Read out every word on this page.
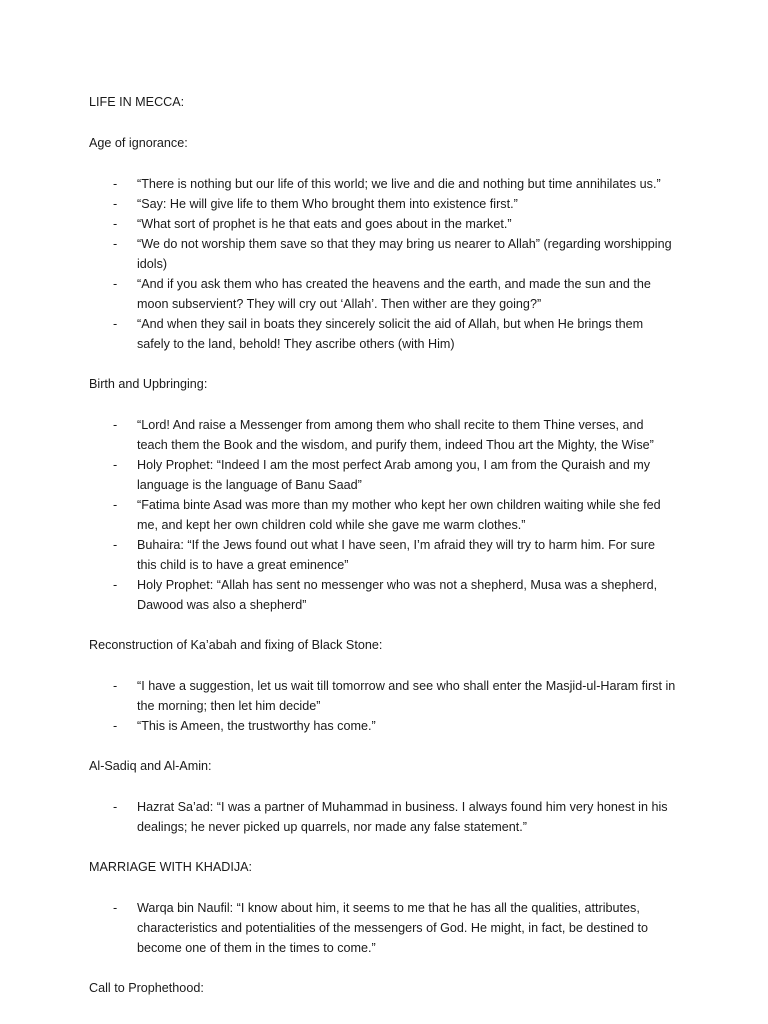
LIFE IN MECCA:
Age of ignorance:
- “There is nothing but our life of this world; we live and die and nothing but time annihilates us.”
- “Say: He will give life to them Who brought them into existence first.”
- “What sort of prophet is he that eats and goes about in the market.”
- “We do not worship them save so that they may bring us nearer to Allah” (regarding worshipping idols)
- “And if you ask them who has created the heavens and the earth, and made the sun and the moon subservient? They will cry out ‘Allah’. Then wither are they going?”
- “And when they sail in boats they sincerely solicit the aid of Allah, but when He brings them safely to the land, behold! They ascribe others (with Him)
Birth and Upbringing:
- “Lord! And raise a Messenger from among them who shall recite to them Thine verses, and teach them the Book and the wisdom, and purify them, indeed Thou art the Mighty, the Wise”
- Holy Prophet: “Indeed I am the most perfect Arab among you, I am from the Quraish and my language is the language of Banu Saad”
- “Fatima binte Asad was more than my mother who kept her own children waiting while she fed me, and kept her own children cold while she gave me warm clothes.”
- Buhaira: “If the Jews found out what I have seen, I’m afraid they will try to harm him. For sure this child is to have a great eminence”
- Holy Prophet: “Allah has sent no messenger who was not a shepherd, Musa was a shepherd, Dawood was also a shepherd”
Reconstruction of Ka’abah and fixing of Black Stone:
- “I have a suggestion, let us wait till tomorrow and see who shall enter the Masjid-ul-Haram first in the morning; then let him decide”
- “This is Ameen, the trustworthy has come.”
Al-Sadiq and Al-Amin:
- Hazrat Sa’ad: “I was a partner of Muhammad in business. I always found him very honest in his dealings; he never picked up quarrels, nor made any false statement.”
MARRIAGE WITH KHADIJA:
- Warqa bin Naufil: “I know about him, it seems to me that he has all the qualities, attributes, characteristics and potentialities of the messengers of God. He might, in fact, be destined to become one of them in the times to come.”
Call to Prophethood:
